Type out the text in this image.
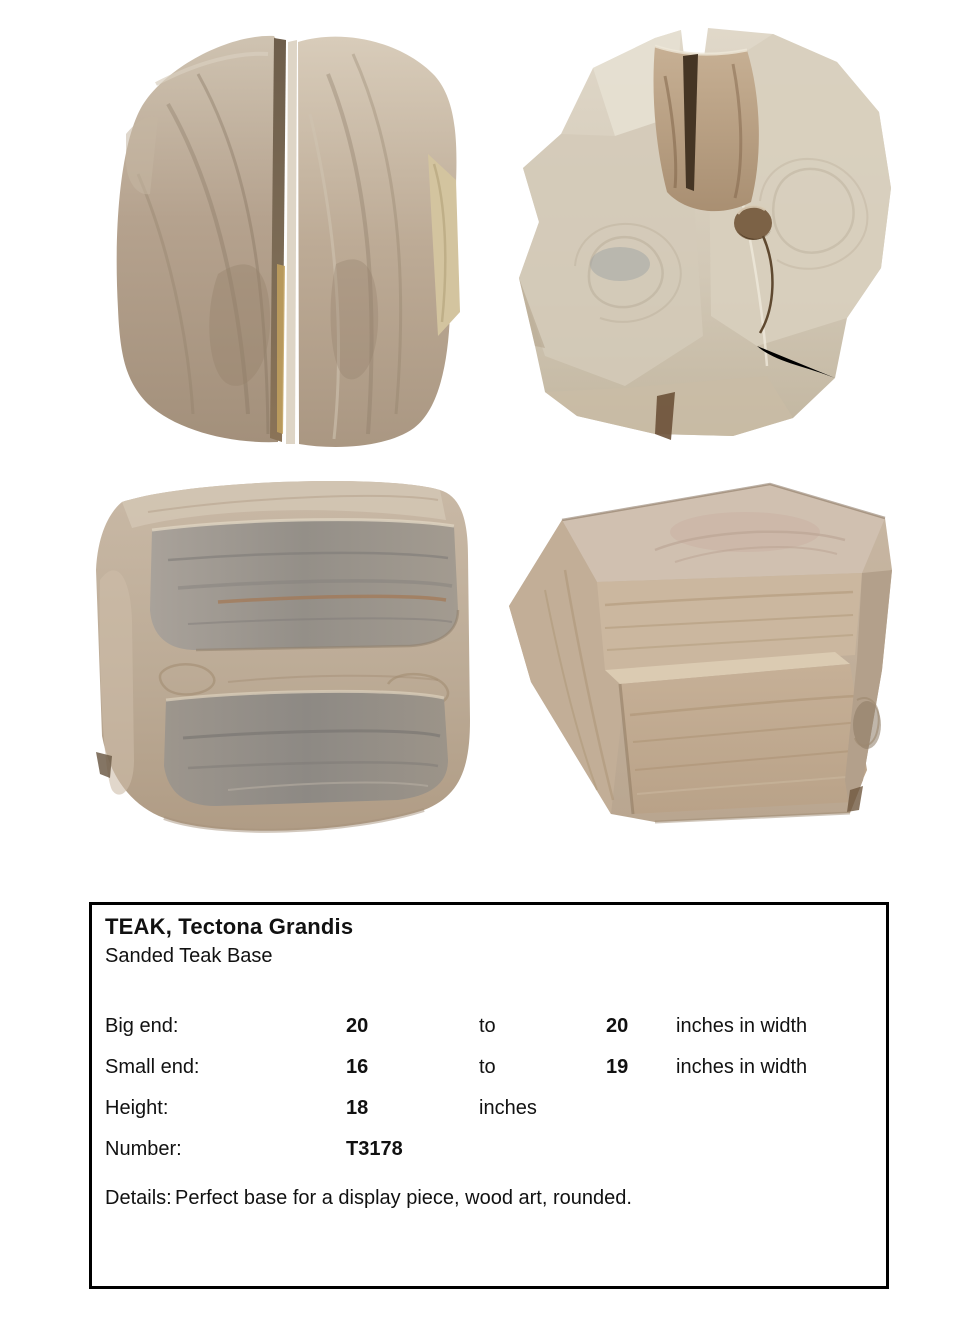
TEAK, Tectona Grandis

Sanded Teak Base

Big end:	20	to	20	inches in width
Small end:	16	to	19	inches in width
Height:	18	inches
Number:	T3178
Details: Perfect base for a display piece, wood art, rounded.
